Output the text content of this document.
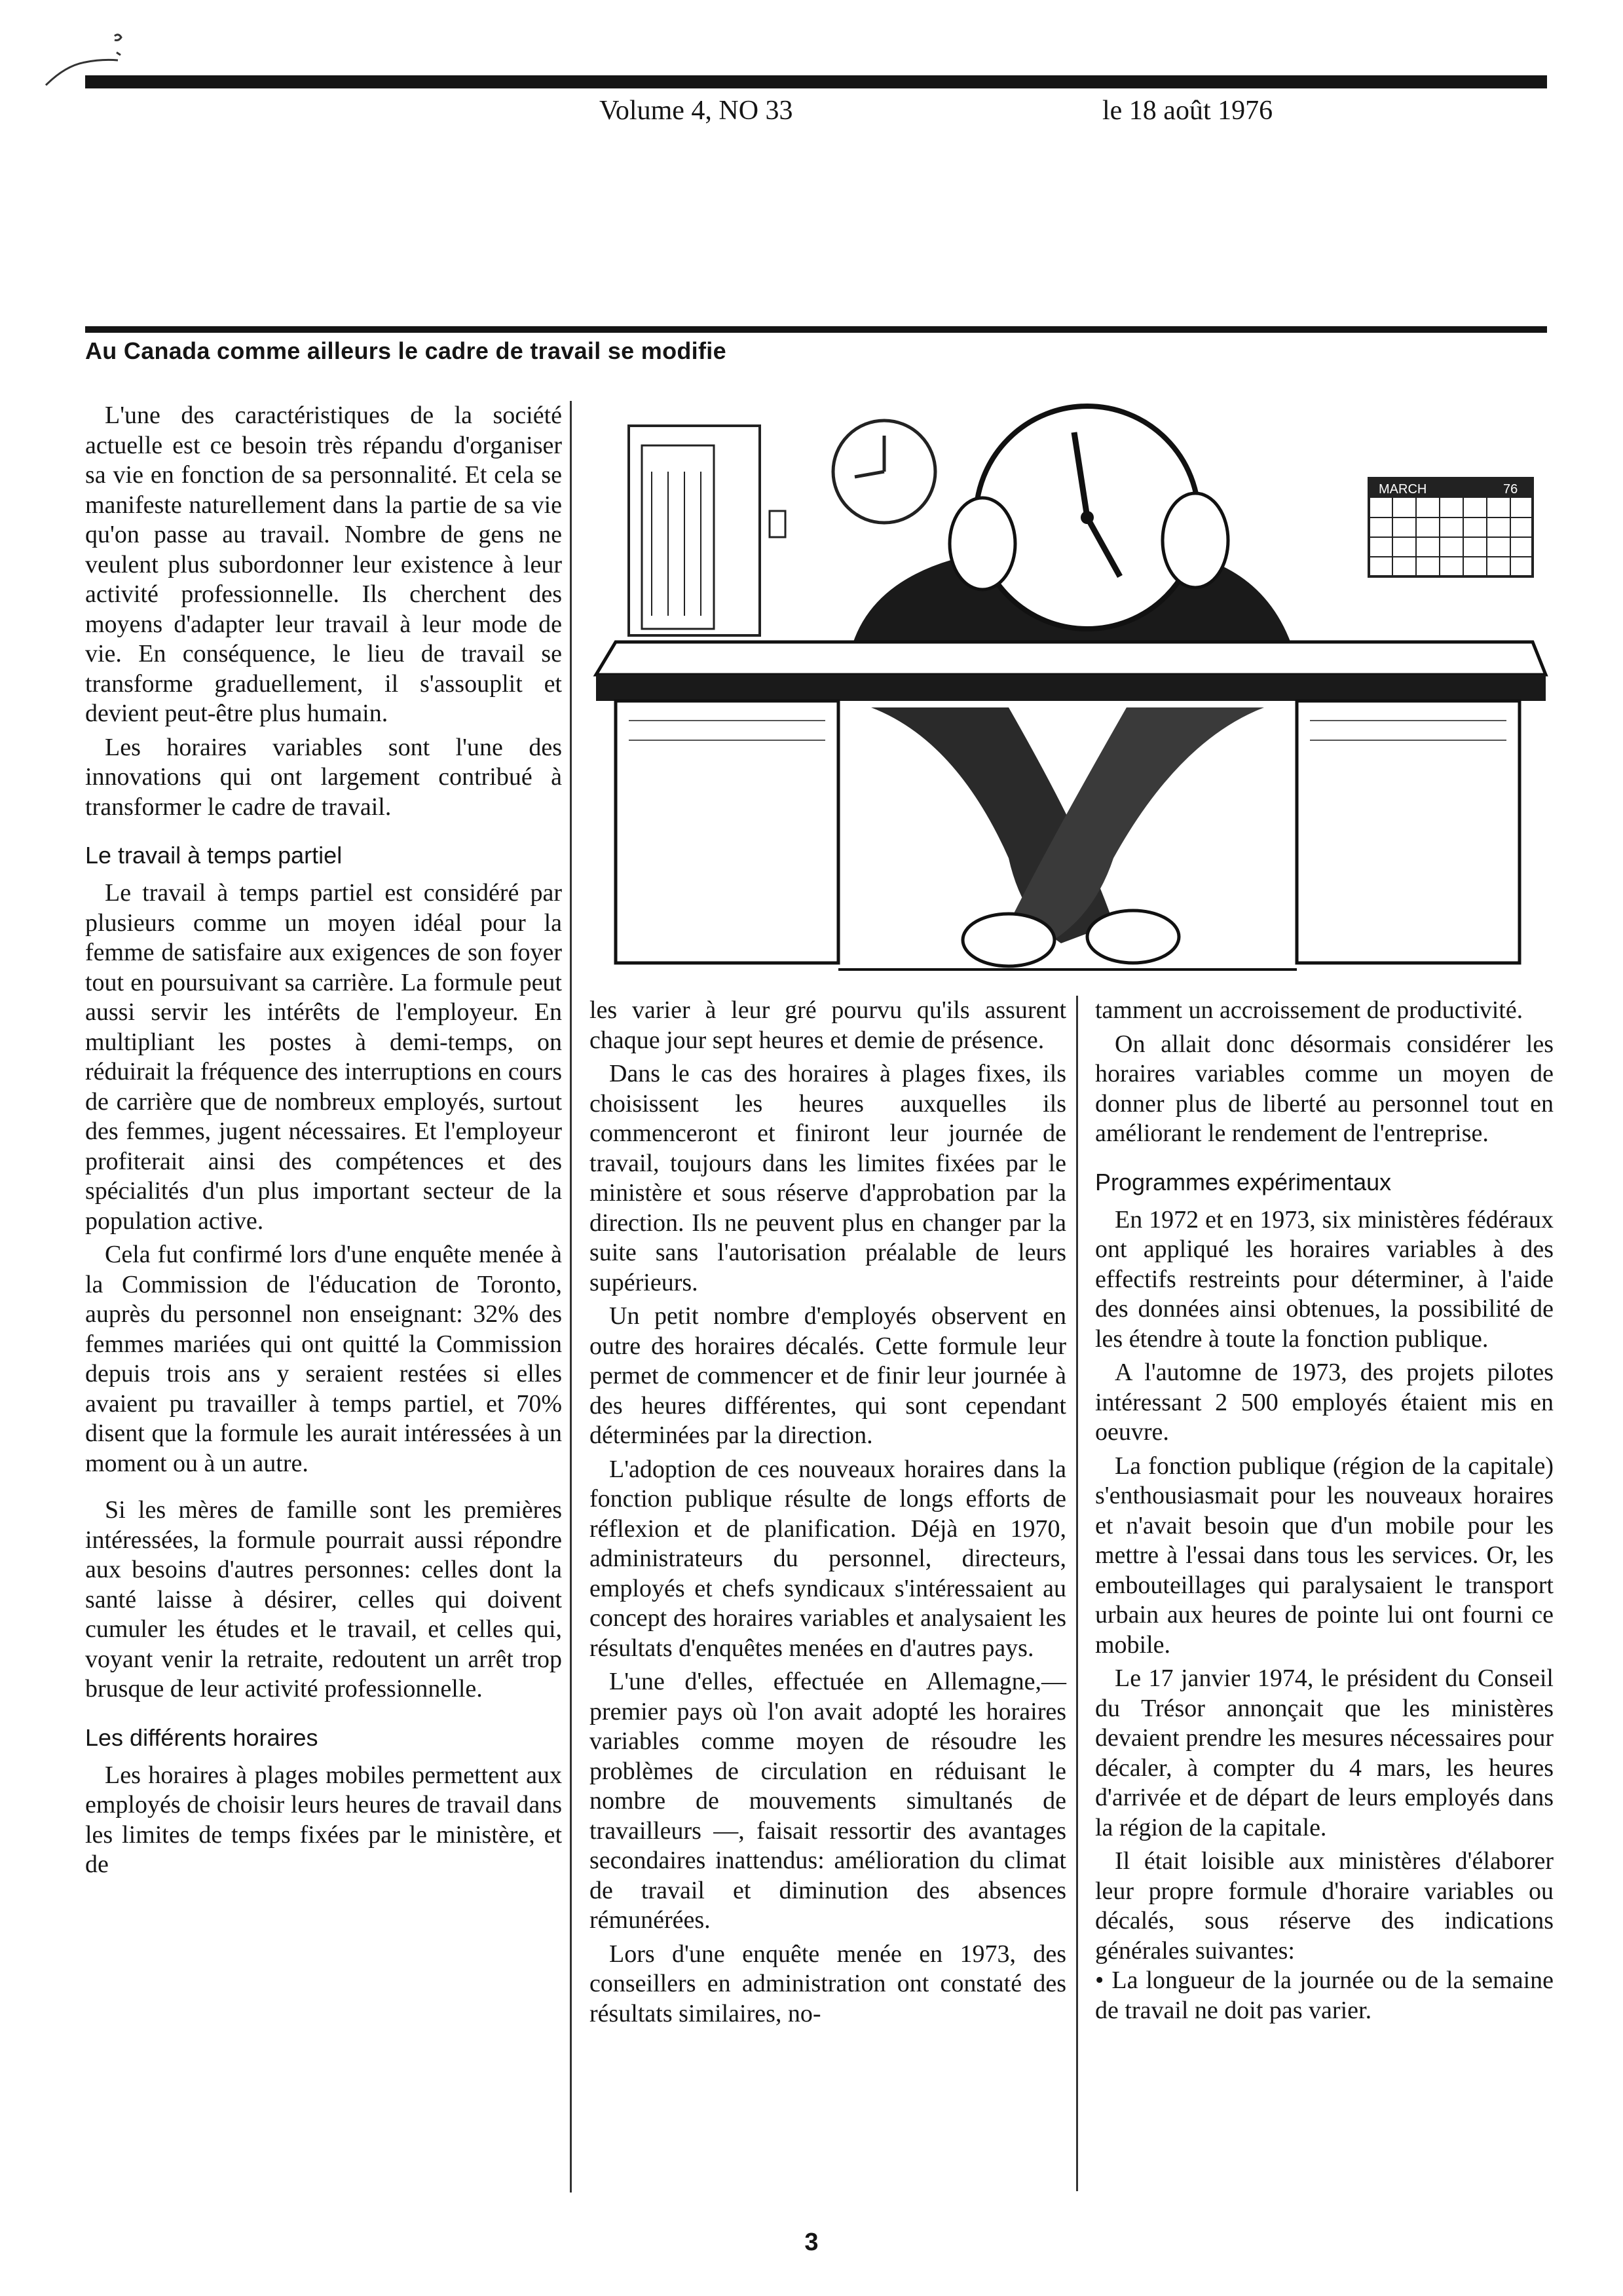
Volume 4, NO 33	le 18 août 1976
Au Canada comme ailleurs le cadre de travail se modifie

L'une des caractéristiques de la société actuelle est ce besoin très répandu d'organiser sa vie en fonction de sa personnalité. Et cela se manifeste naturellement dans la partie de sa vie qu'on passe au travail. Nombre de gens ne veulent plus subordonner leur existence à leur activité professionnelle. Ils cherchent des moyens d'adapter leur travail à leur mode de vie. En conséquence, le lieu de travail se transforme graduellement, il s'assouplit et devient peut-être plus humain.

Les horaires variables sont l'une des innovations qui ont largement contribué à transformer le cadre de travail.

Le travail à temps partiel

Le travail à temps partiel est considéré par plusieurs comme un moyen idéal pour la femme de satisfaire aux exigences de son foyer tout en poursuivant sa carrière. La formule peut aussi servir les intérêts de l'employeur. En multipliant les postes à demi-temps, on réduirait la fréquence des interruptions en cours de carrière que de nombreux employés, surtout des femmes, jugent nécessaires. Et l'employeur profiterait ainsi des compétences et des spécialités d'un plus important secteur de la population active.

Cela fut confirmé lors d'une enquête menée à la Commission de l'éducation de Toronto, auprès du personnel non enseignant: 32% des femmes mariées qui ont quitté la Commission depuis trois ans y seraient restées si elles avaient pu travailler à temps partiel, et 70% disent que la formule les aurait intéressées à un moment ou à un autre.

Si les mères de famille sont les premières intéressées, la formule pourrait aussi répondre aux besoins d'autres personnes: celles dont la santé laisse à désirer, celles qui doivent cumuler les études et le travail, et celles qui, voyant venir la retraite, redoutent un arrêt trop brusque de leur activité professionnelle.

Les différents horaires

Les horaires à plages mobiles permettent aux employés de choisir leurs heures de travail dans les limites de temps fixées par le ministère, et de

MARCH	76

les varier à leur gré pourvu qu'ils assurent chaque jour sept heures et demie de présence.

Dans le cas des horaires à plages fixes, ils choisissent les heures auxquelles ils commenceront et finiront leur journée de travail, toujours dans les limites fixées par le ministère et sous réserve d'approbation par la direction. Ils ne peuvent plus en changer par la suite sans l'autorisation préalable de leurs supérieurs.

Un petit nombre d'employés observent en outre des horaires décalés. Cette formule leur permet de commencer et de finir leur journée à des heures différentes, qui sont cependant déterminées par la direction.

L'adoption de ces nouveaux horaires dans la fonction publique résulte de longs efforts de réflexion et de planification. Déjà en 1970, administrateurs du personnel, directeurs, employés et chefs syndicaux s'intéressaient au concept des horaires variables et analysaient les résultats d'enquêtes menées en d'autres pays.

L'une d'elles, effectuée en Allemagne,— premier pays où l'on avait adopté les horaires variables comme moyen de résoudre les problèmes de circulation en réduisant le nombre de mouvements simultanés de travailleurs —, faisait ressortir des avantages secondaires inattendus: amélioration du climat de travail et diminution des absences rémunérées.

Lors d'une enquête menée en 1973, des conseillers en administration ont constaté des résultats similaires, no-

tamment un accroissement de productivité.

On allait donc désormais considérer les horaires variables comme un moyen de donner plus de liberté au personnel tout en améliorant le rendement de l'entreprise.

Programmes expérimentaux

En 1972 et en 1973, six ministères fédéraux ont appliqué les horaires variables à des effectifs restreints pour déterminer, à l'aide des données ainsi obtenues, la possibilité de les étendre à toute la fonction publique.

A l'automne de 1973, des projets pilotes intéressant 2 500 employés étaient mis en oeuvre.

La fonction publique (région de la capitale) s'enthousiasmait pour les nouveaux horaires et n'avait besoin que d'un mobile pour les mettre à l'essai dans tous les services. Or, les embouteillages qui paralysaient le transport urbain aux heures de pointe lui ont fourni ce mobile.

Le 17 janvier 1974, le président du Conseil du Trésor annonçait que les ministères devaient prendre les mesures nécessaires pour décaler, à compter du 4 mars, les heures d'arrivée et de départ de leurs employés dans la région de la capitale.

Il était loisible aux ministères d'élaborer leur propre formule d'horaire variables ou décalés, sous réserve des indications générales suivantes:

• La longueur de la journée ou de la semaine de travail ne doit pas varier.
3
